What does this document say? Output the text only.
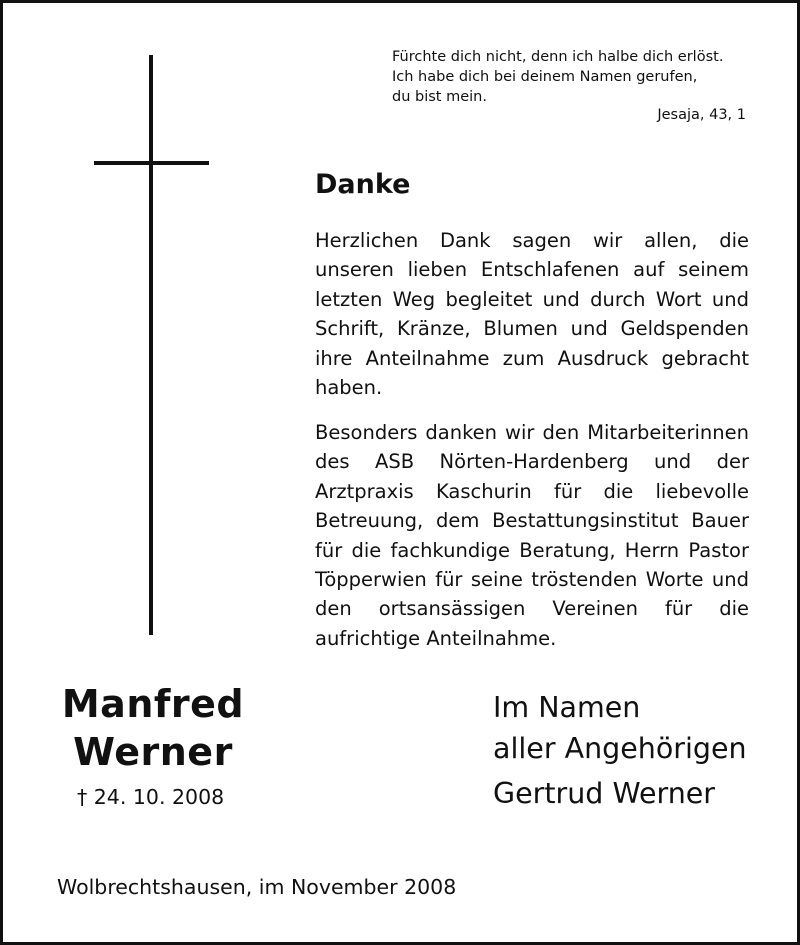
Fürchte dich nicht, denn ich halbe dich erlöst.
Ich habe dich bei deinem Namen gerufen,
du bist mein.
Jesaja, 43, 1
Danke
Herzlichen Dank sagen wir allen, die unseren lieben Entschlafenen auf seinem letzten Weg begleitet und durch Wort und Schrift, Kränze, Blumen und Geldspenden ihre Anteilnahme zum Ausdruck gebracht haben.
Besonders danken wir den Mitarbeiterinnen des ASB Nörten-Hardenberg und der Arztpraxis Kaschurin für die liebevolle Betreuung, dem Bestattungsinstitut Bauer für die fachkundige Beratung, Herrn Pastor Töpperwien für seine tröstenden Worte und den ortsansässigen Vereinen für die aufrichtige Anteilnahme.
Manfred
Werner
† 24. 10. 2008
Im Namen
aller Angehörigen
Gertrud Werner
Wolbrechtshausen, im November 2008
